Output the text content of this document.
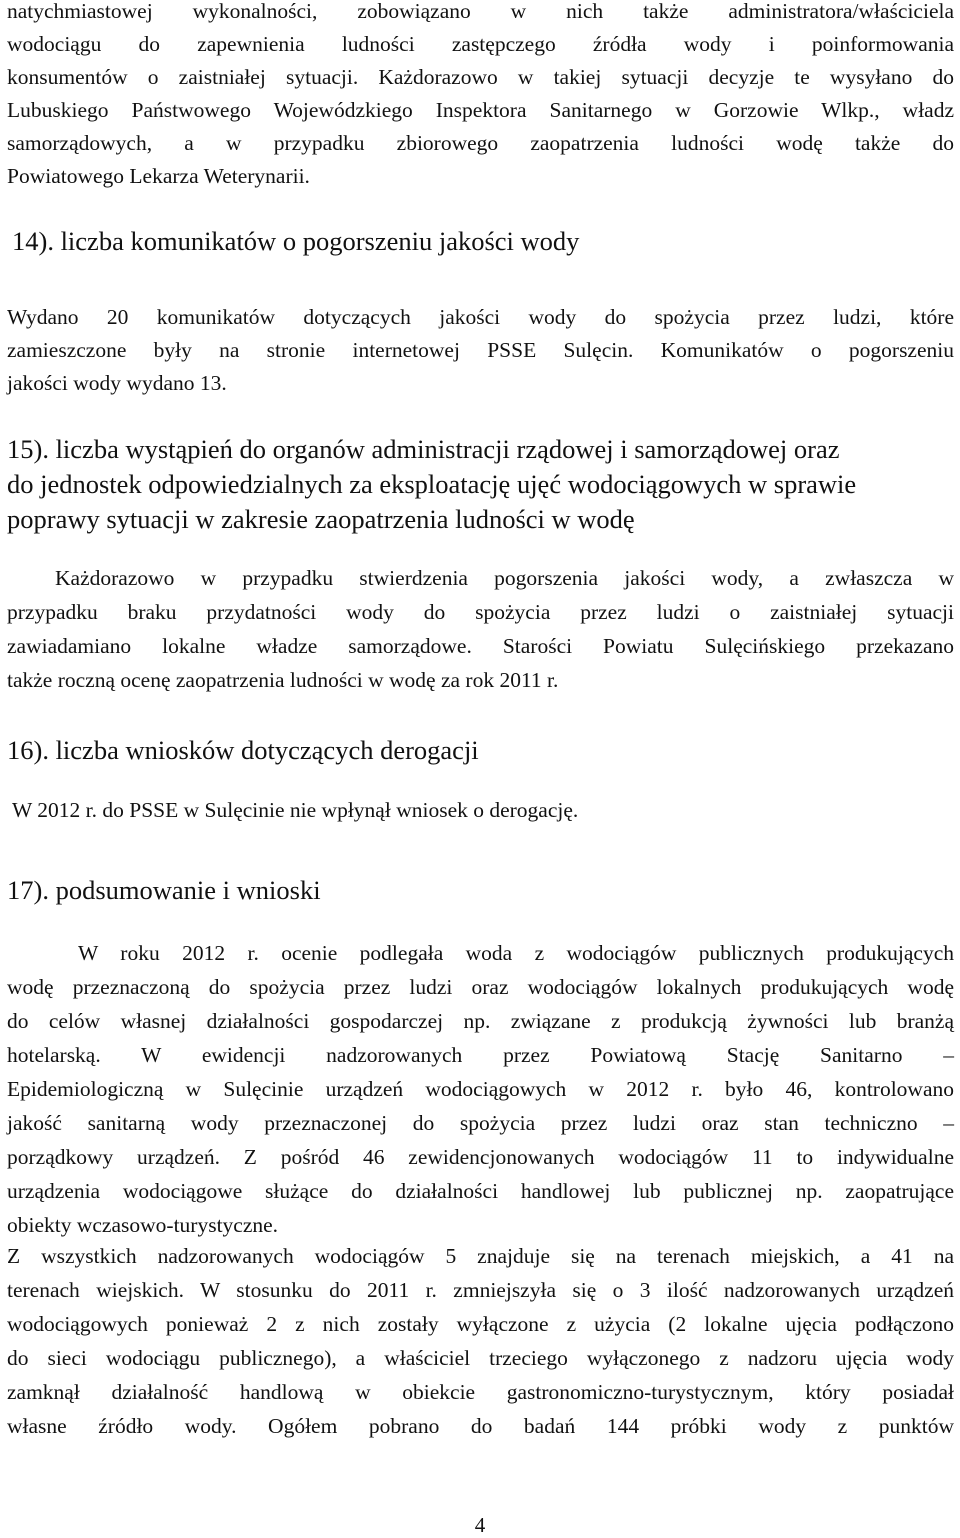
natychmiastowej wykonalności, zobowiązano w nich także administratora/właściciela
wodociągu do zapewnienia ludności zastępczego źródła wody i poinformowania
konsumentów o zaistniałej sytuacji. Każdorazowo w takiej sytuacji decyzje te wysyłano do
Lubuskiego Państwowego Wojewódzkiego Inspektora Sanitarnego w Gorzowie Wlkp., władz
samorządowych, a w przypadku zbiorowego zaopatrzenia ludności wodę także do
Powiatowego Lekarza Weterynarii.
14). liczba komunikatów o pogorszeniu jakości wody
Wydano 20 komunikatów dotyczących jakości wody do spożycia przez ludzi, które
zamieszczone były na stronie internetowej PSSE Sulęcin. Komunikatów o pogorszeniu
jakości wody wydano 13.
15). liczba wystąpień do organów administracji rządowej i samorządowej oraz
do jednostek odpowiedzialnych za eksploatację ujęć wodociągowych w sprawie
poprawy sytuacji w zakresie zaopatrzenia ludności w wodę
Każdorazowo w przypadku stwierdzenia pogorszenia jakości wody, a zwłaszcza w
przypadku braku przydatności wody do spożycia przez ludzi o zaistniałej sytuacji
zawiadamiano lokalne władze samorządowe. Starości Powiatu Sulęcińskiego przekazano
także roczną ocenę zaopatrzenia ludności w wodę za rok 2011 r.
16). liczba wniosków dotyczących derogacji
W 2012 r. do PSSE w Sulęcinie nie wpłynął wniosek o derogację.
17). podsumowanie i wnioski
W roku 2012 r. ocenie podlegała woda z wodociągów publicznych produkujących
wodę przeznaczoną do spożycia przez ludzi oraz wodociągów lokalnych produkujących wodę
do celów własnej działalności gospodarczej np. związane z produkcją żywności lub branżą
hotelarską. W ewidencji nadzorowanych przez Powiatową Stację Sanitarno –
Epidemiologiczną w Sulęcinie urządzeń wodociągowych w 2012 r. było 46, kontrolowano
jakość sanitarną wody przeznaczonej do spożycia przez ludzi oraz stan techniczno –
porządkowy urządzeń. Z pośród 46 zewidencjonowanych wodociągów 11 to indywidualne
urządzenia wodociągowe służące do działalności handlowej lub publicznej np. zaopatrujące
obiekty wczasowo-turystyczne.
Z wszystkich nadzorowanych wodociągów 5 znajduje się na terenach miejskich, a 41 na
terenach wiejskich. W stosunku do 2011 r. zmniejszyła się o 3 ilość nadzorowanych urządzeń
wodociągowych ponieważ 2 z nich zostały wyłączone z użycia (2 lokalne ujęcia podłączono
do sieci wodociągu publicznego), a właściciel trzeciego wyłączonego z nadzoru ujęcia wody
zamknął działalność handlową w obiekcie gastronomiczno-turystycznym, który posiadał
własne źródło wody. Ogółem pobrano do badań 144 próbki wody z punktów
4
